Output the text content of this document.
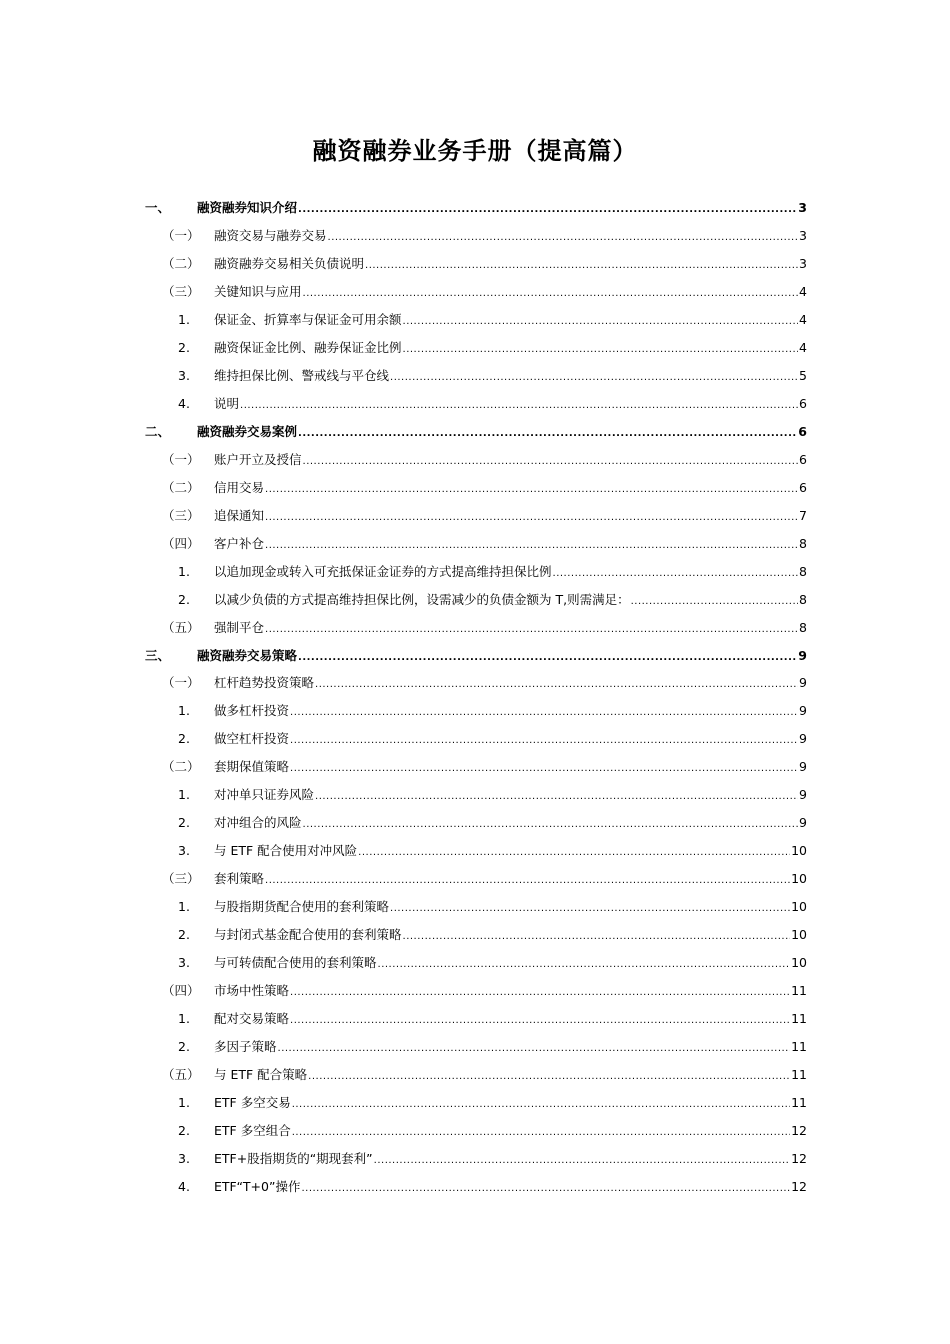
融资融券业务手册（提高篇）
一、 融资融券知识介绍 .....	3
（一） 融资交易与融券交易 .....	3
（二） 融资融券交易相关负债说明 .....	3
（三） 关键知识与应用 .....	4
1. 保证金、折算率与保证金可用余额 .....	4
2. 融资保证金比例、融券保证金比例 .....	4
3. 维持担保比例、警戒线与平仓线 .....	5
4. 说明 .....	6
二、 融资融券交易案例 .....	6
（一） 账户开立及授信 .....	6
（二） 信用交易 .....	6
（三） 追保通知 .....	7
（四） 客户补仓 .....	8
1. 以追加现金或转入可充抵保证金证券的方式提高维持担保比例 .....	8
2. 以减少负债的方式提高维持担保比例，设需减少的负债金额为 T,则需满足： .....	8
（五） 强制平仓 .....	8
三、 融资融券交易策略 .....	9
（一） 杠杆趋势投资策略 .....	9
1. 做多杠杆投资 .....	9
2. 做空杠杆投资 .....	9
（二） 套期保值策略 .....	9
1. 对冲单只证券风险 .....	9
2. 对冲组合的风险 .....	9
3. 与 ETF 配合使用对冲风险 .....	10
（三） 套利策略 .....	10
1. 与股指期货配合使用的套利策略 .....	10
2. 与封闭式基金配合使用的套利策略 .....	10
3. 与可转债配合使用的套利策略 .....	10
（四） 市场中性策略 .....	11
1. 配对交易策略 .....	11
2. 多因子策略 .....	11
（五） 与 ETF 配合策略 .....	11
1. ETF 多空交易 .....	11
2. ETF 多空组合 .....	12
3. ETF+股指期货的“期现套利” .....	12
4. ETF“T+0”操作 .....	12
